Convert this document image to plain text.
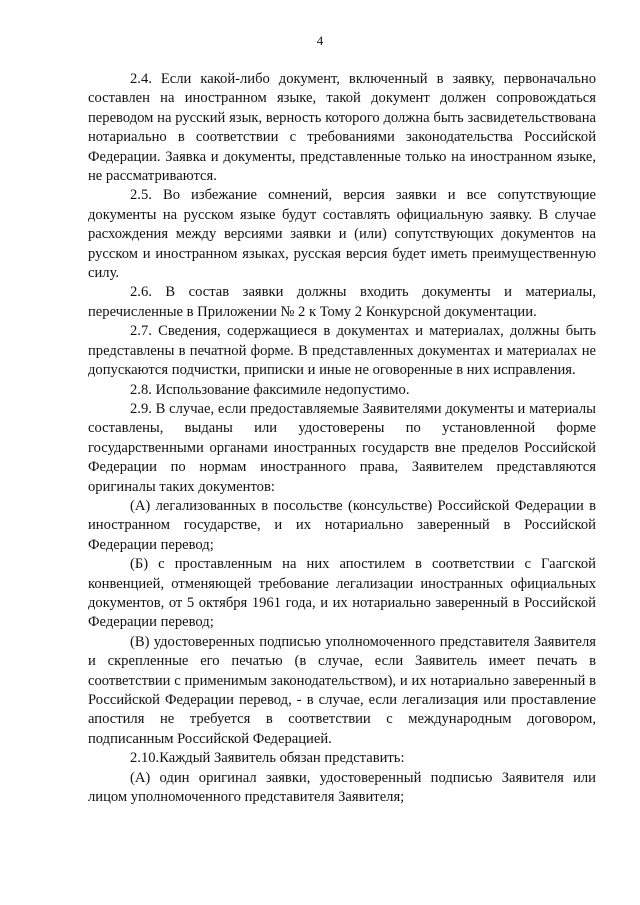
4

2.4. Если какой-либо документ, включенный в заявку, первоначально составлен на иностранном языке, такой документ должен сопровождаться переводом на русский язык, верность которого должна быть засвидетельствована нотариально в соответствии с требованиями законодательства Российской Федерации. Заявка и документы, представленные только на иностранном языке, не рассматриваются.

2.5. Во избежание сомнений, версия заявки и все сопутствующие документы на русском языке будут составлять официальную заявку. В случае расхождения между версиями заявки и (или) сопутствующих документов на русском и иностранном языках, русская версия будет иметь преимущественную силу.

2.6. В состав заявки должны входить документы и материалы, перечисленные в Приложении № 2 к Тому 2 Конкурсной документации.

2.7. Сведения, содержащиеся в документах и материалах, должны быть представлены в печатной форме. В представленных документах и материалах не допускаются подчистки, приписки и иные не оговоренные в них исправления.

2.8. Использование факсимиле недопустимо.

2.9. В случае, если предоставляемые Заявителями документы и материалы составлены, выданы или удостоверены по установленной форме государственными органами иностранных государств вне пределов Российской Федерации по нормам иностранного права, Заявителем представляются оригиналы таких документов:

(А) легализованных в посольстве (консульстве) Российской Федерации в иностранном государстве, и их нотариально заверенный в Российской Федерации перевод;

(Б) с проставленным на них апостилем в соответствии с Гаагской конвенцией, отменяющей требование легализации иностранных официальных документов, от 5 октября 1961 года, и их нотариально заверенный в Российской Федерации перевод;

(В) удостоверенных подписью уполномоченного представителя Заявителя и скрепленные его печатью (в случае, если Заявитель имеет печать в соответствии с применимым законодательством), и их нотариально заверенный в Российской Федерации перевод, - в случае, если легализация или проставление апостиля не требуется в соответствии с международным договором, подписанным Российской Федерацией.

2.10.Каждый Заявитель обязан представить:

(А) один оригинал заявки, удостоверенный подписью Заявителя или лицом уполномоченного представителя Заявителя;
